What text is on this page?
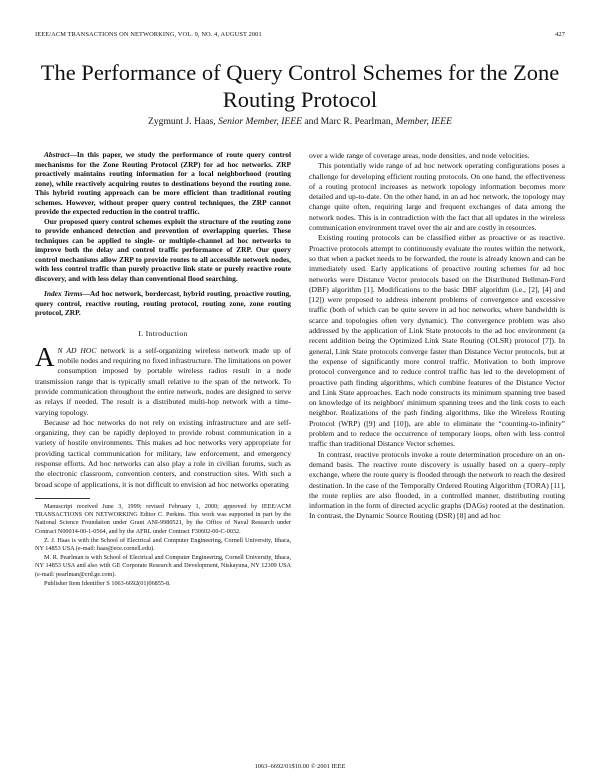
IEEE/ACM TRANSACTIONS ON NETWORKING, VOL. 9, NO. 4, AUGUST 2001	427
The Performance of Query Control Schemes for the Zone Routing Protocol
Zygmunt J. Haas, Senior Member, IEEE and Marc R. Pearlman, Member, IEEE

Abstract—In this paper, we study the performance of route query control mechanisms for the Zone Routing Protocol (ZRP) for ad hoc networks. ZRP proactively maintains routing information for a local neighborhood (routing zone), while reactively acquiring routes to destinations beyond the routing zone. This hybrid routing approach can be more efficient than traditional routing schemes. However, without proper query control techniques, the ZRP cannot provide the expected reduction in the control traffic.

Our proposed query control schemes exploit the structure of the routing zone to provide enhanced detection and prevention of overlapping queries. These techniques can be applied to single- or multiple-channel ad hoc networks to improve both the delay and control traffic performance of ZRP. Our query control mechanisms allow ZRP to provide routes to all accessible network nodes, with less control traffic than purely proactive link state or purely reactive route discovery, and with less delay than conventional flood searching.

Index Terms—Ad hoc network, bordercast, hybrid routing, proactive routing, query control, reactive routing, routing protocol, routing zone, zone routing protocol, ZRP.

I. Introduction

A N AD HOC network is a self-organizing wireless network made up of mobile nodes and requiring no fixed infrastructure. The limitations on power consumption imposed by portable wireless radios result in a node transmission range that is typically small relative to the span of the network. To provide communication throughout the entire network, nodes are designed to serve as relays if needed. The result is a distributed multi-hop network with a time-varying topology.

Because ad hoc networks do not rely on existing infrastructure and are self-organizing, they can be rapidly deployed to provide robust communication in a variety of hostile environments. This makes ad hoc networks very appropriate for providing tactical communication for military, law enforcement, and emergency response efforts. Ad hoc networks can also play a role in civilian forums, such as the electronic classroom, convention centers, and construction sites. With such a broad scope of applications, it is not difficult to envision ad hoc networks operating

Manuscript received June 3, 1999; revised February 1, 2000; approved by IEEE/ACM TRANSACTIONS ON NETWORKING Editor C. Perkins. This work was supported in part by the National Science Foundation under Grant ANI-9980521, by the Office of Naval Research under Contract N00014-00-1-0564, and by the AFRL under Contract F30602-00-C-0032.

Z. J. Haas is with the School of Electrical and Computer Engineering, Cornell University, Ithaca, NY 14853 USA (e-mail: haas@ece.cornell.edu).

M. R. Pearlman is with School of Electrical and Computer Engineering, Cornell University, Ithaca, NY 14853 USA and also with GE Corporate Research and Development, Niskayuna, NY 12309 USA (e-mail: pearlman@crd.ge.com).

Publisher Item Identifier S 1063-6692(01)06855-8.

over a wide range of coverage areas, node densities, and node velocities.

This potentially wide range of ad hoc network operating configurations poses a challenge for developing efficient routing protocols. On one hand, the effectiveness of a routing protocol increases as network topology information becomes more detailed and up-to-date. On the other hand, in an ad hoc network, the topology may change quite often, requiring large and frequent exchanges of data among the network nodes. This is in contradiction with the fact that all updates in the wireless communication environment travel over the air and are costly in resources.

Existing routing protocols can be classified either as proactive or as reactive. Proactive protocols attempt to continuously evaluate the routes within the network, so that when a packet needs to be forwarded, the route is already known and can be immediately used. Early applications of proactive routing schemes for ad hoc networks were Distance Vector protocols based on the Distributed Bellman-Ford (DBF) algorithm [1]. Modifications to the basic DBF algorithm (i.e., [2], [4] and [12]) were proposed to address inherent problems of convergence and excessive traffic (both of which can be quite severe in ad hoc networks, where bandwidth is scarce and topologies often very dynamic). The convergence problem was also addressed by the application of Link State protocols to the ad hoc environment (a recent addition being the Optimized Link State Routing (OLSR) protocol [7]). In general, Link State protocols converge faster than Distance Vector protocols, but at the expense of significantly more control traffic. Motivation to both improve protocol convergence and to reduce control traffic has led to the development of proactive path finding algorithms, which combine features of the Distance Vector and Link State approaches. Each node constructs its minimum spanning tree based on knowledge of its neighbors' minimum spanning trees and the link costs to each neighbor. Realizations of the path finding algorithms, like the Wireless Routing Protocol (WRP) ([9] and [10]), are able to eliminate the “counting-to-infinity” problem and to reduce the occurrence of temporary loops, often with less control traffic than traditional Distance Vector schemes.

In contrast, reactive protocols invoke a route determination procedure on an on-demand basis. The reactive route discovery is usually based on a query–reply exchange, where the route query is flooded through the network to reach the desired destination. In the case of the Temporally Ordered Routing Algorithm (TORA) [11], the route replies are also flooded, in a controlled manner, distributing routing information in the form of directed acyclic graphs (DAGs) rooted at the destination. In contrast, the Dynamic Source Routing (DSR) [8] and ad hoc

1063–6692/01$10.00 © 2001 IEEE
